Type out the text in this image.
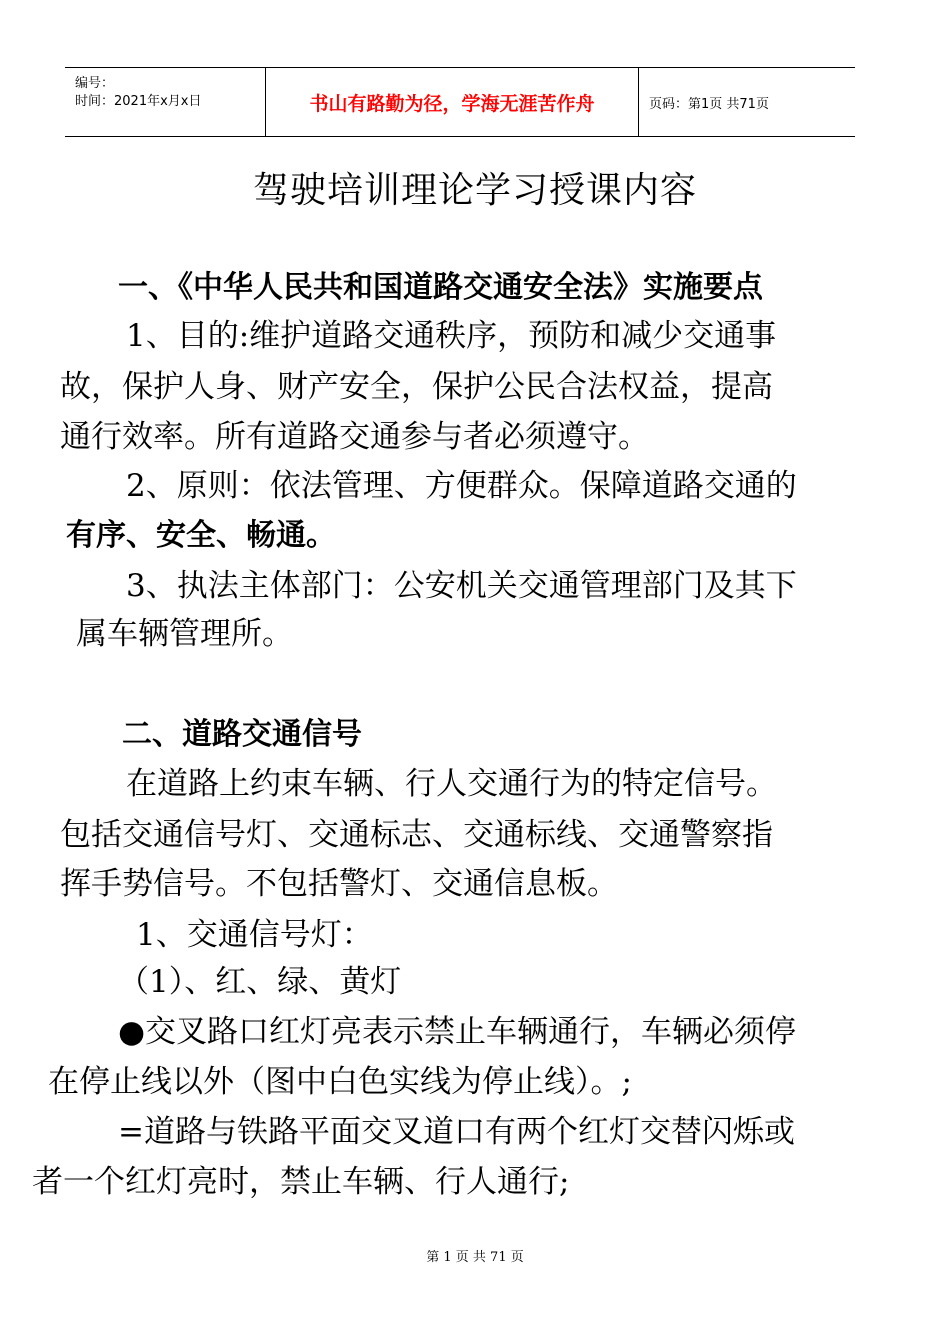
编号：
时间：2021年x月x日	书山有路勤为径，学海无涯苦作舟	页码：第1页 共71页
驾驶培训理论学习授课内容
一、《中华人民共和国道路交通安全法》实施要点
1、目的:维护道路交通秩序，预防和减少交通事
故，保护人身、财产安全，保护公民合法权益，提高
通行效率。所有道路交通参与者必须遵守。
2、原则：依法管理、方便群众。保障道路交通的
有序、安全、畅通。
3、执法主体部门：公安机关交通管理部门及其下
属车辆管理所。
二、道路交通信号
在道路上约束车辆、行人交通行为的特定信号。
包括交通信号灯、交通标志、交通标线、交通警察指
挥手势信号。不包括警灯、交通信息板。
1、交通信号灯：
（1）、红、绿、黄灯
●交叉路口红灯亮表示禁止车辆通行，车辆必须停
在停止线以外（图中白色实线为停止线）。;
=道路与铁路平面交叉道口有两个红灯交替闪烁或
者一个红灯亮时，禁止车辆、行人通行;
第 1 页 共 71 页
